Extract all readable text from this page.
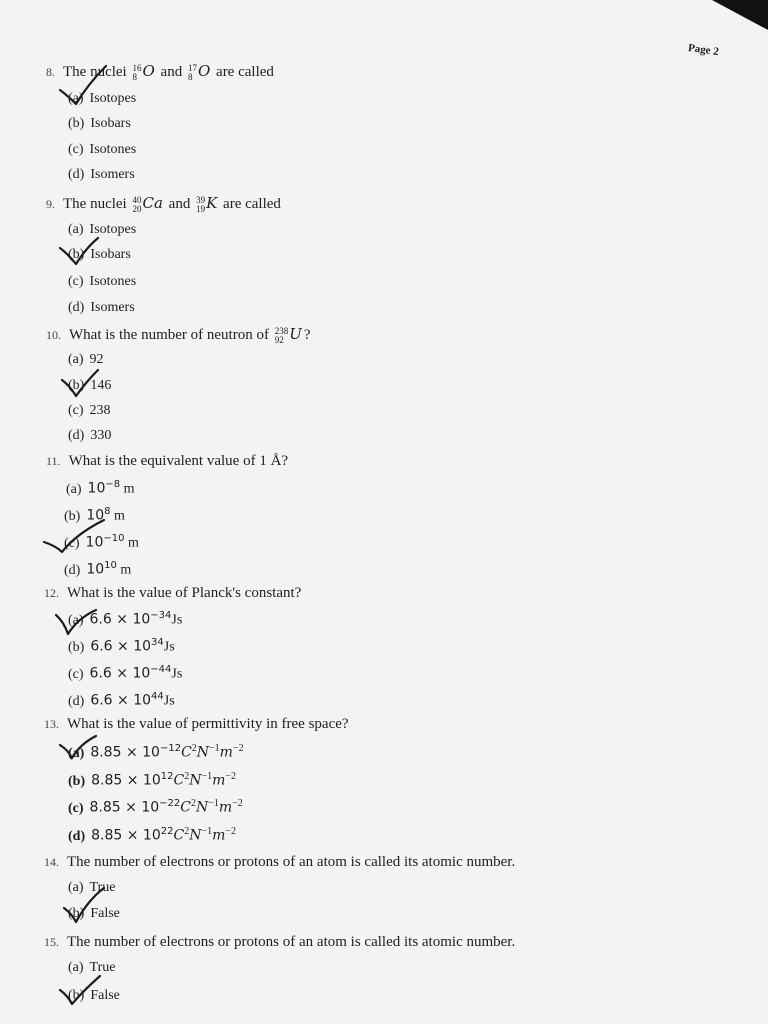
Page 2
8. The nuclei 16
8 O and 17
8 O are called
(a) Isotopes
(b) Isobars
(c) Isotones
(d) Isomers
9. The nuclei 40
20 Ca and 39
19 K are called
(a) Isotopes
(b) Isobars
(c) Isotones
(d) Isomers
10. What is the number of neutron of 238
92 U ?
(a) 92
(b) 146
(c) 238
(d) 330
11. What is the equivalent value of 1 Å?
(a) $10^{-8}$ m
(b) $10^8$ m
(c) $10^{-10}$ m
(d) $10^{10}$ m
12. What is the value of Planck's constant?
(a) $6.6 \times 10^{-34}Js$
(b) $6.6 \times 10^{34}Js$
(c) $6.6 \times 10^{-44}Js$
(d) $6.6 \times 10^{44}Js$
13. What is the value of permittivity in free space?
(a) $8.85 \times 10^{-12}C^2N^{-1}m^{-2}$
(b) $8.85 \times 10^{12}C^2N^{-1}m^{-2}$
(c) $8.85 \times 10^{-22}C^2N^{-1}m^{-2}$
(d) $8.85 \times 10^{22}C^2N^{-1}m^{-2}$
14. The number of electrons or protons of an atom is called its atomic number.
(a) True
(b) False
15. The number of electrons or protons of an atom is called its atomic number.
(a) True
(b) False
